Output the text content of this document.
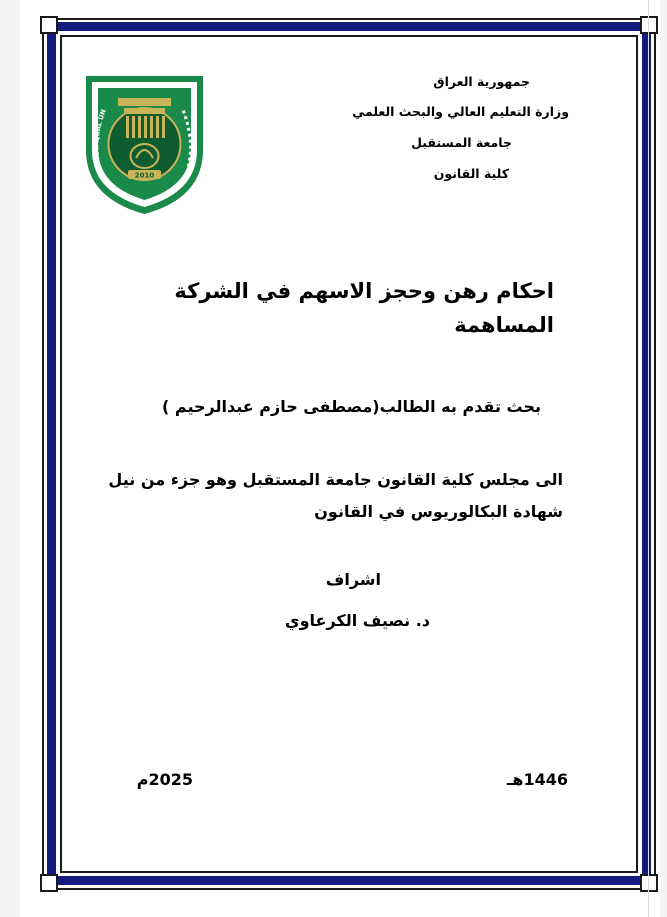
2010
AL MUSTAQBAL UN
جمهورية العراق
وزارة التعليم العالي والبحث العلمي
جامعة المستقبل
كلية القانون
احكام رهن وحجز الاسهم في الشركة
المساهمة
بحث تقدم به الطالب(مصطفى حازم عبدالرحيم )
الى مجلس كلية القانون جامعة المستقبل وهو جزء من نيل
شهادة البكالوريوس في القانون
اشراف
د. نصيف الكرعاوي
1446هـ
2025م
